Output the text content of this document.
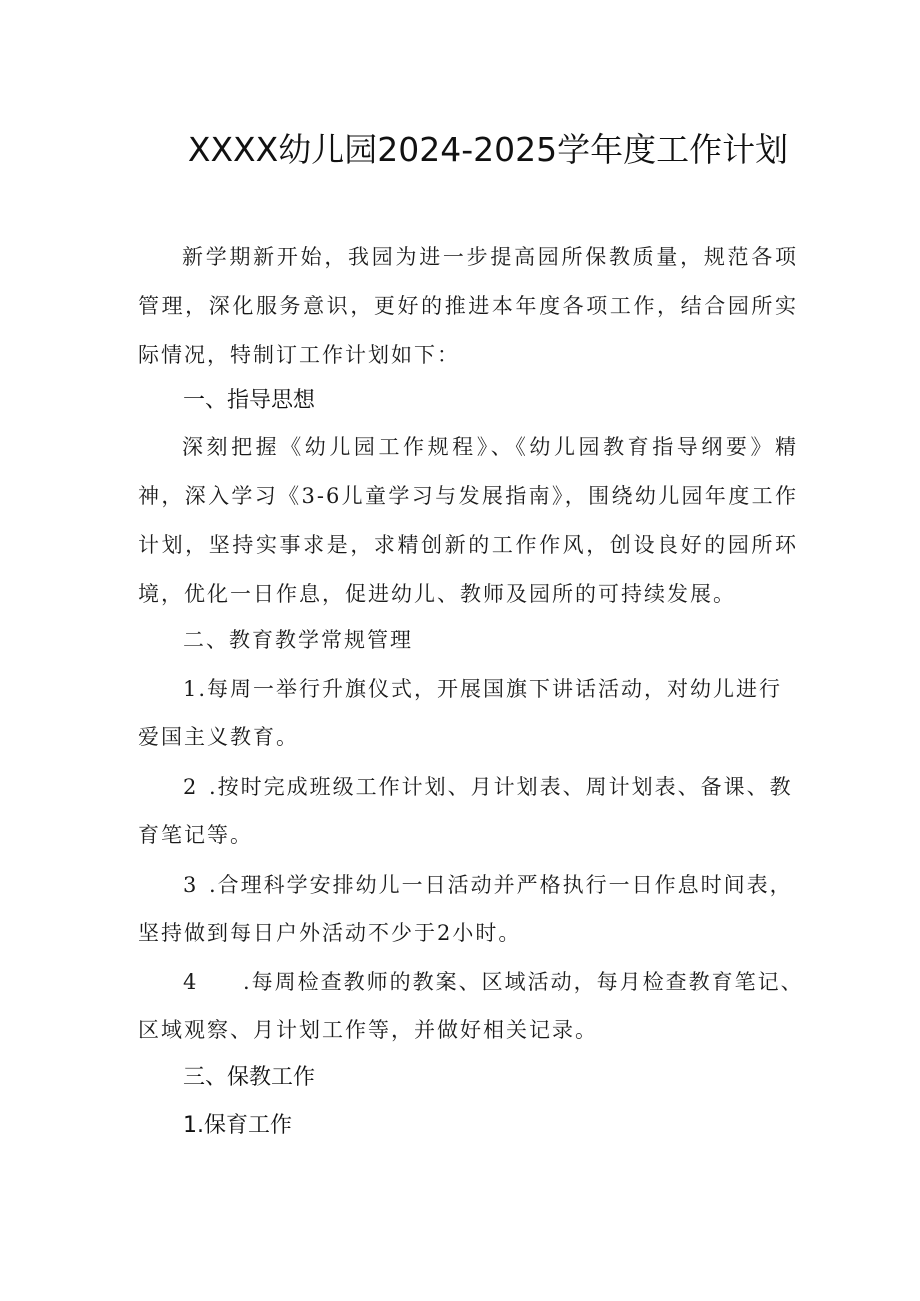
XXXX幼儿园2024-2025学年度工作计划
新学期新开始，我园为进一步提高园所保教质量，规范各项管理，深化服务意识，更好的推进本年度各项工作，结合园所实际情况，特制订工作计划如下：
一、指导思想
深刻把握《幼儿园工作规程》、《幼儿园教育指导纲要》精神，深入学习《3-6儿童学习与发展指南》，围绕幼儿园年度工作计划，坚持实事求是，求精创新的工作作风，创设良好的园所环境，优化一日作息，促进幼儿、教师及园所的可持续发展。
二、教育教学常规管理
1.每周一举行升旗仪式，开展国旗下讲话活动，对幼儿进行
爱国主义教育。
2 .按时完成班级工作计划、月计划表、周计划表、备课、教
育笔记等。
3 .合理科学安排幼儿一日活动并严格执行一日作息时间表，
坚持做到每日户外活动不少于2小时。
4 .每周检查教师的教案、区域活动，每月检查教育笔记、
区域观察、月计划工作等，并做好相关记录。
三、保教工作
1.保育工作
